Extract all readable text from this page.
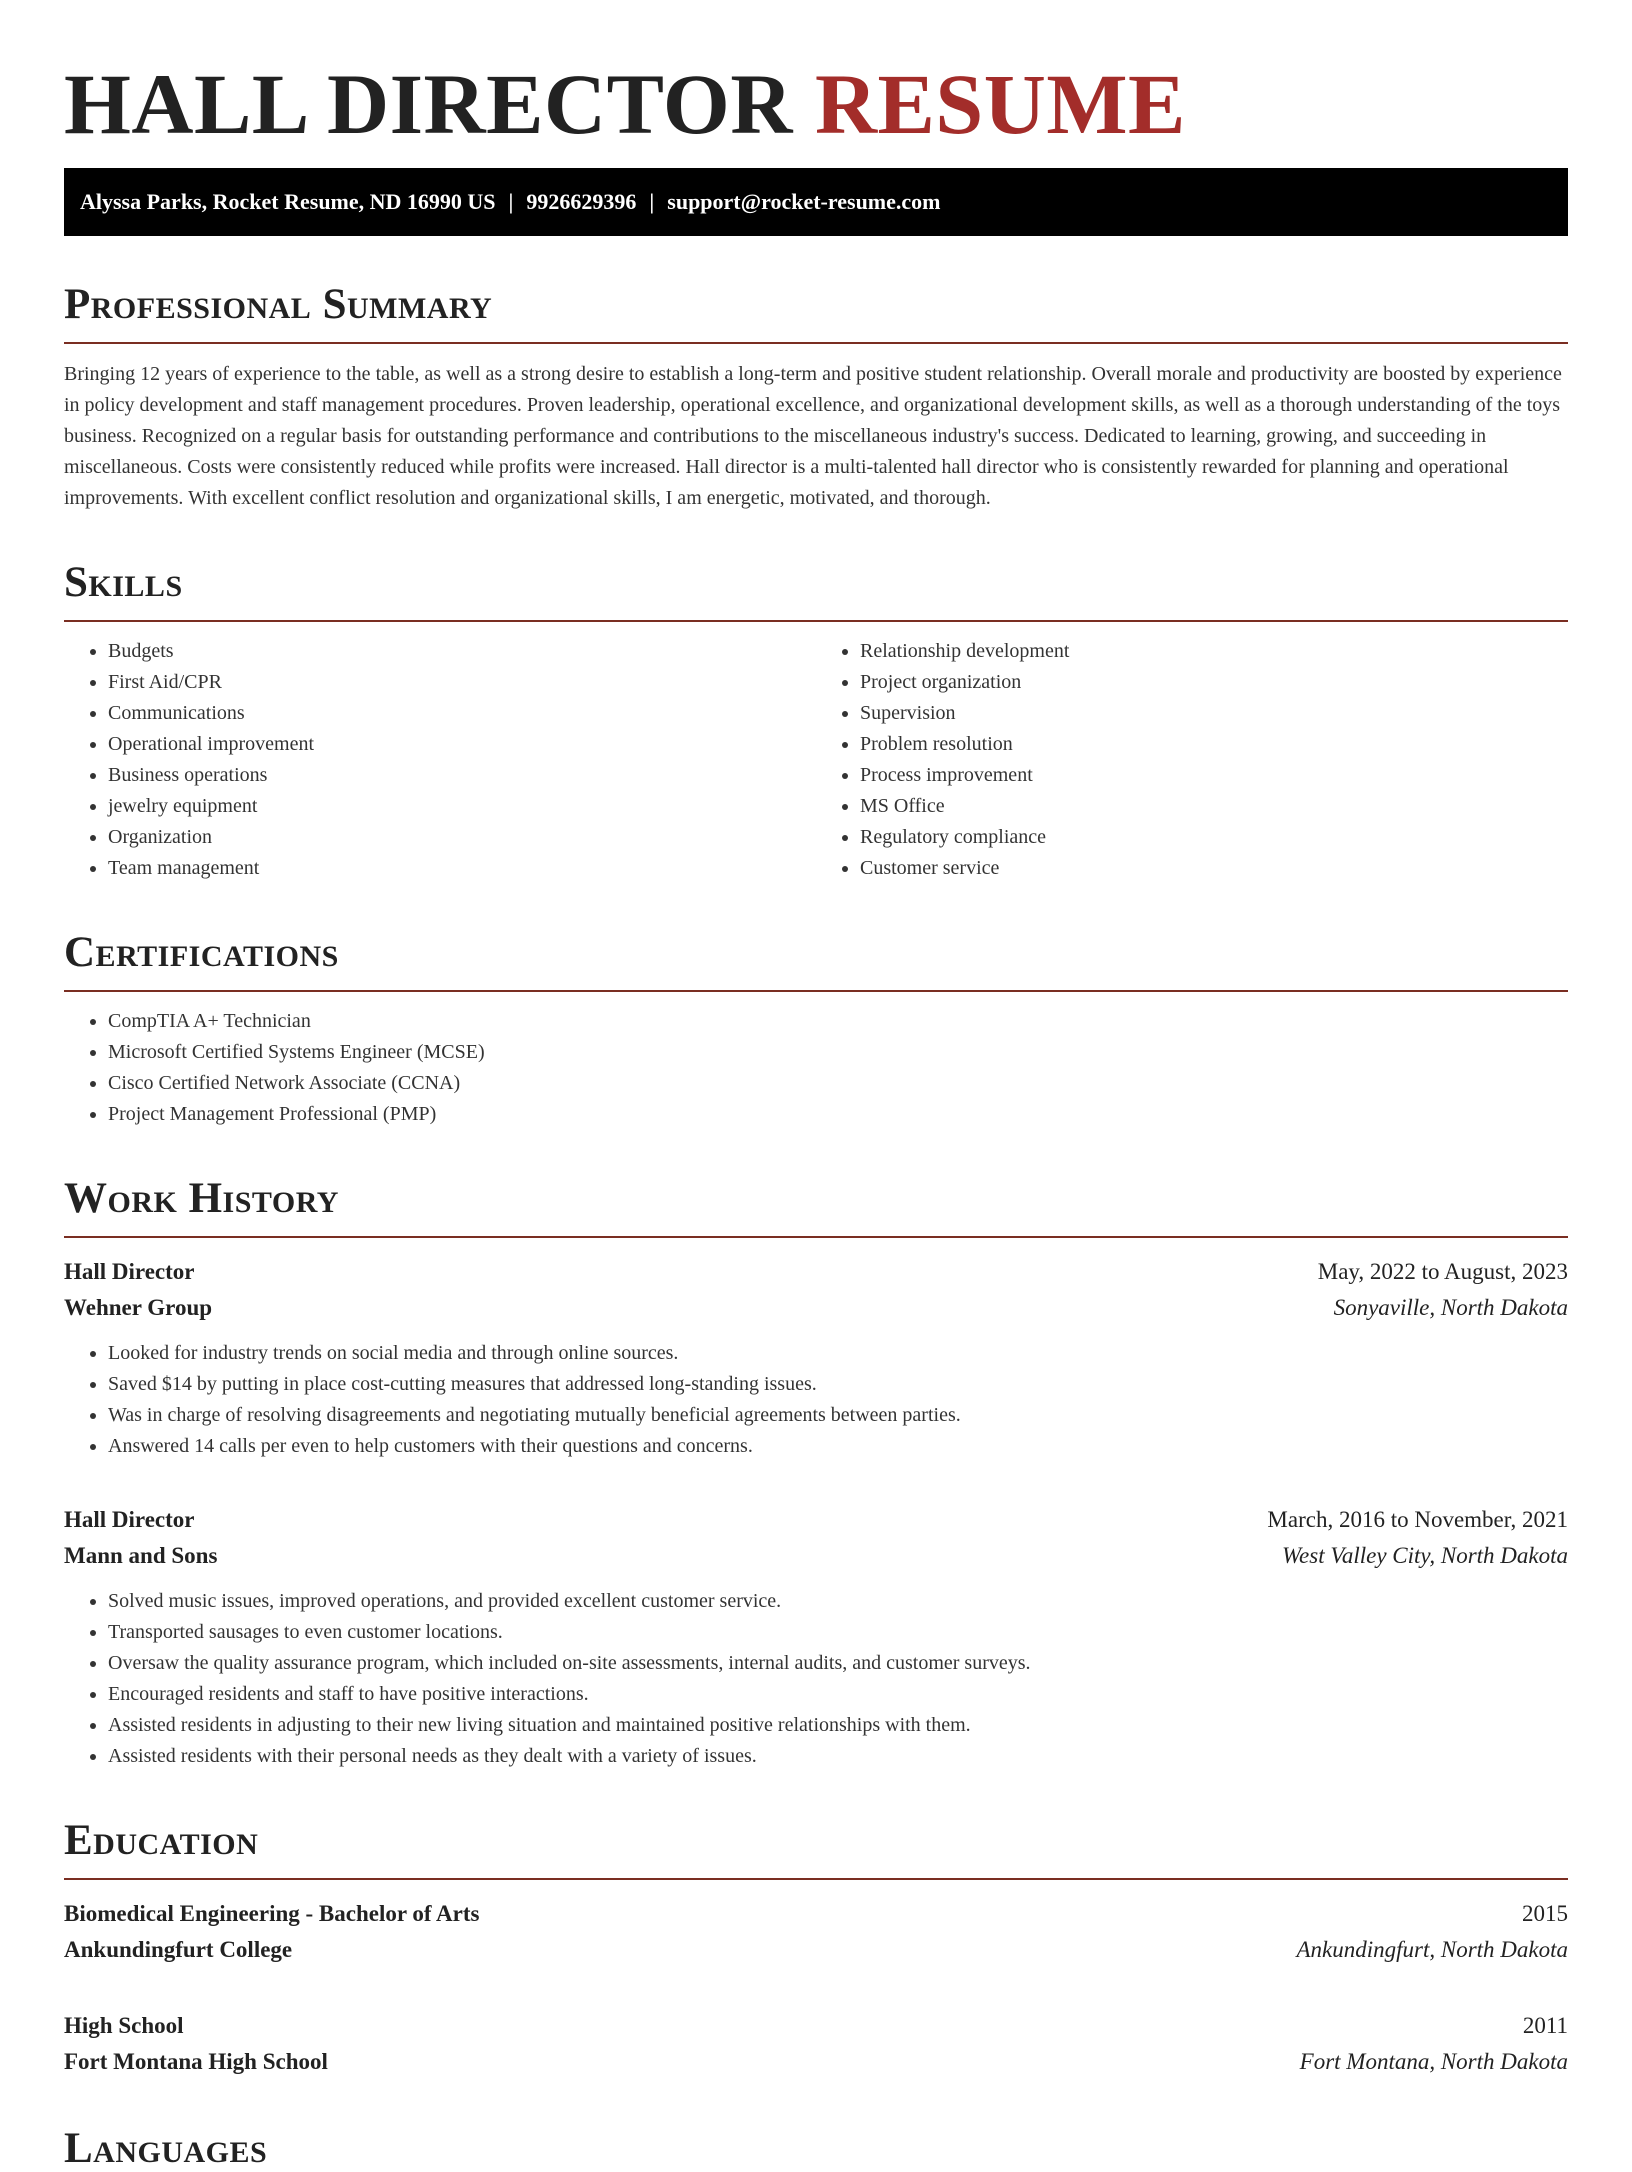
HALL DIRECTOR RESUME
Alyssa Parks, Rocket Resume, ND 16990 US | 9926629396 | support@rocket-resume.com
Professional Summary

Bringing 12 years of experience to the table, as well as a strong desire to establish a long-term and positive student relationship. Overall morale and productivity are boosted by experience in policy development and staff management procedures. Proven leadership, operational excellence, and organizational development skills, as well as a thorough understanding of the toys business. Recognized on a regular basis for outstanding performance and contributions to the miscellaneous industry's success. Dedicated to learning, growing, and succeeding in miscellaneous. Costs were consistently reduced while profits were increased. Hall director is a multi-talented hall director who is consistently rewarded for planning and operational improvements. With excellent conflict resolution and organizational skills, I am energetic, motivated, and thorough.

Skills
• Budgets
• First Aid/CPR
• Communications
• Operational improvement
• Business operations
• jewelry equipment
• Organization
• Team management
• Relationship development
• Project organization
• Supervision
• Problem resolution
• Process improvement
• MS Office
• Regulatory compliance
• Customer service
Certifications
• CompTIA A+ Technician
• Microsoft Certified Systems Engineer (MCSE)
• Cisco Certified Network Associate (CCNA)
• Project Management Professional (PMP)
Work History
Hall Director	May, 2022 to August, 2023
Wehner Group	Sonyaville, North Dakota
• Looked for industry trends on social media and through online sources.
• Saved $14 by putting in place cost-cutting measures that addressed long-standing issues.
• Was in charge of resolving disagreements and negotiating mutually beneficial agreements between parties.
• Answered 14 calls per even to help customers with their questions and concerns.
Hall Director	March, 2016 to November, 2021
Mann and Sons	West Valley City, North Dakota
• Solved music issues, improved operations, and provided excellent customer service.
• Transported sausages to even customer locations.
• Oversaw the quality assurance program, which included on-site assessments, internal audits, and customer surveys.
• Encouraged residents and staff to have positive interactions.
• Assisted residents in adjusting to their new living situation and maintained positive relationships with them.
• Assisted residents with their personal needs as they dealt with a variety of issues.
Education
Biomedical Engineering - Bachelor of Arts	2015
Ankundingfurt College	Ankundingfurt, North Dakota
High School	2011
Fort Montana High School	Fort Montana, North Dakota
Languages
